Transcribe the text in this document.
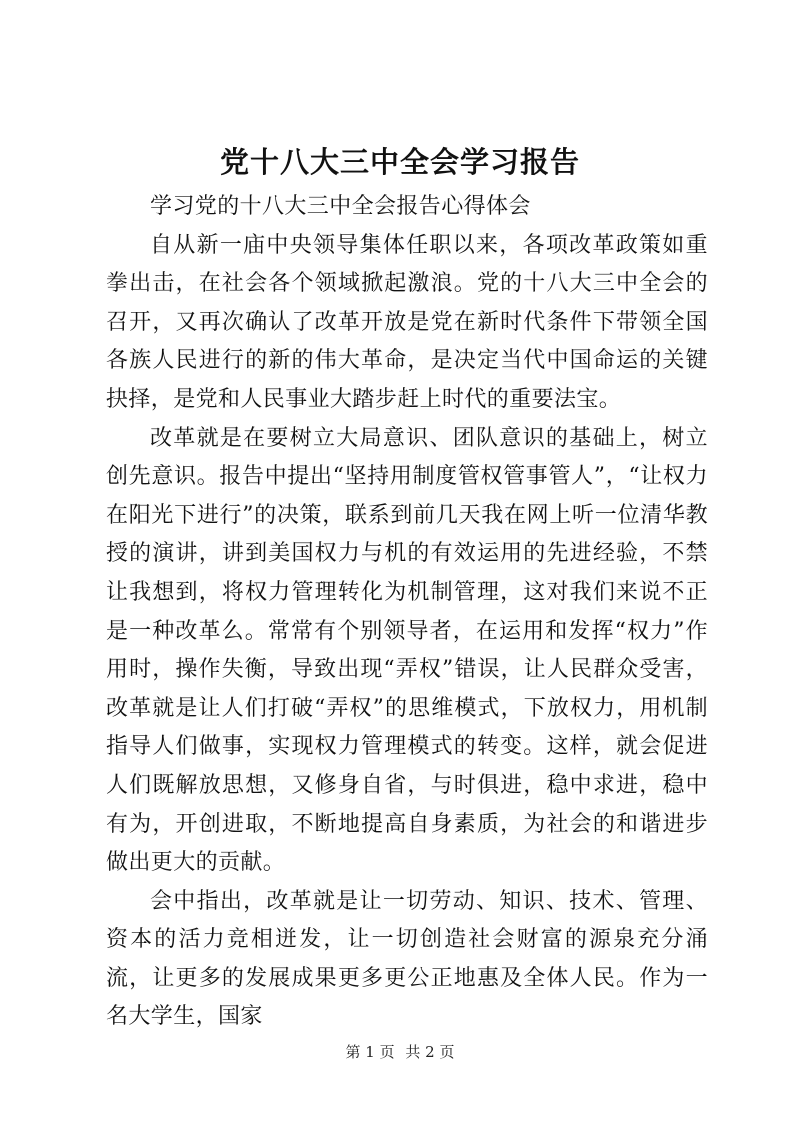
党十八大三中全会学习报告

学习党的十八大三中全会报告心得体会

自从新一庙中央领导集体任职以来，各项改革政策如重拳出击，在社会各个领域掀起激浪。党的十八大三中全会的召开，又再次确认了改革开放是党在新时代条件下带领全国各族人民进行的新的伟大革命，是决定当代中国命运的关键抉择，是党和人民事业大踏步赶上时代的重要法宝。

改革就是在要树立大局意识、团队意识的基础上，树立创先意识。报告中提出“坚持用制度管权管事管人”，“让权力在阳光下进行”的决策，联系到前几天我在网上听一位清华教授的演讲，讲到美国权力与机的有效运用的先进经验，不禁让我想到，将权力管理转化为机制管理，这对我们来说不正是一种改革么。常常有个别领导者，在运用和发挥“权力”作用时，操作失衡，导致出现“弄权”错误，让人民群众受害，改革就是让人们打破“弄权”的思维模式，下放权力，用机制指导人们做事，实现权力管理模式的转变。这样，就会促进人们既解放思想，又修身自省，与时俱进，稳中求进，稳中有为，开创进取，不断地提高自身素质，为社会的和谐进步做出更大的贡献。

会中指出，改革就是让一切劳动、知识、技术、管理、资本的活力竞相迸发，让一切创造社会财富的源泉充分涌流，让更多的发展成果更多更公正地惠及全体人民。作为一名大学生，国家

第 1 页 共 2 页
